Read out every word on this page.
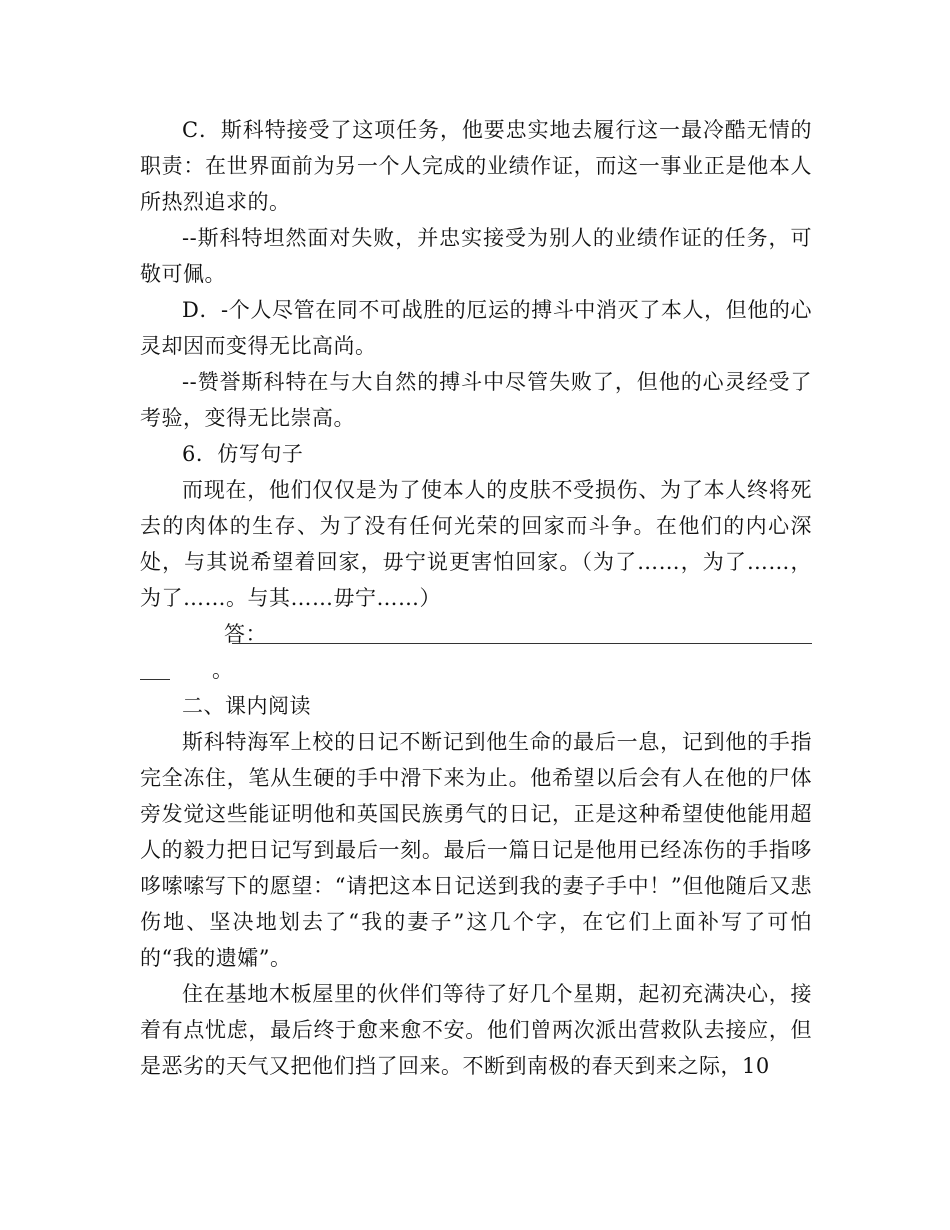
C．斯科特接受了这项任务，他要忠实地去履行这一最冷酷无情的职责：在世界面前为另一个人完成的业绩作证，而这一事业正是他本人所热烈追求的。

--斯科特坦然面对失败，并忠实接受为别人的业绩作证的任务，可敬可佩。

D．-个人尽管在同不可战胜的厄运的搏斗中消灭了本人，但他的心灵却因而变得无比高尚。

--赞誉斯科特在与大自然的搏斗中尽管失败了，但他的心灵经受了考验，变得无比崇高。

6．仿写句子

而现在，他们仅仅是为了使本人的皮肤不受损伤、为了本人终将死去的肉体的生存、为了没有任何光荣的回家而斗争。在他们的内心深处，与其说希望着回家，毋宁说更害怕回家。（为了……，为了……，为了……。与其……毋宁……）

答：
。

二、课内阅读

斯科特海军上校的日记不断记到他生命的最后一息，记到他的手指完全冻住，笔从生硬的手中滑下来为止。他希望以后会有人在他的尸体旁发觉这些能证明他和英国民族勇气的日记，正是这种希望使他能用超人的毅力把日记写到最后一刻。最后一篇日记是他用已经冻伤的手指哆哆嗦嗦写下的愿望：“请把这本日记送到我的妻子手中！”但他随后又悲伤地、坚决地划去了“我的妻子”这几个字，在它们上面补写了可怕的“我的遗孀”。

住在基地木板屋里的伙伴们等待了好几个星期，起初充满决心，接着有点忧虑，最后终于愈来愈不安。他们曾两次派出营救队去接应，但是恶劣的天气又把他们挡了回来。不断到南极的春天到来之际，10
